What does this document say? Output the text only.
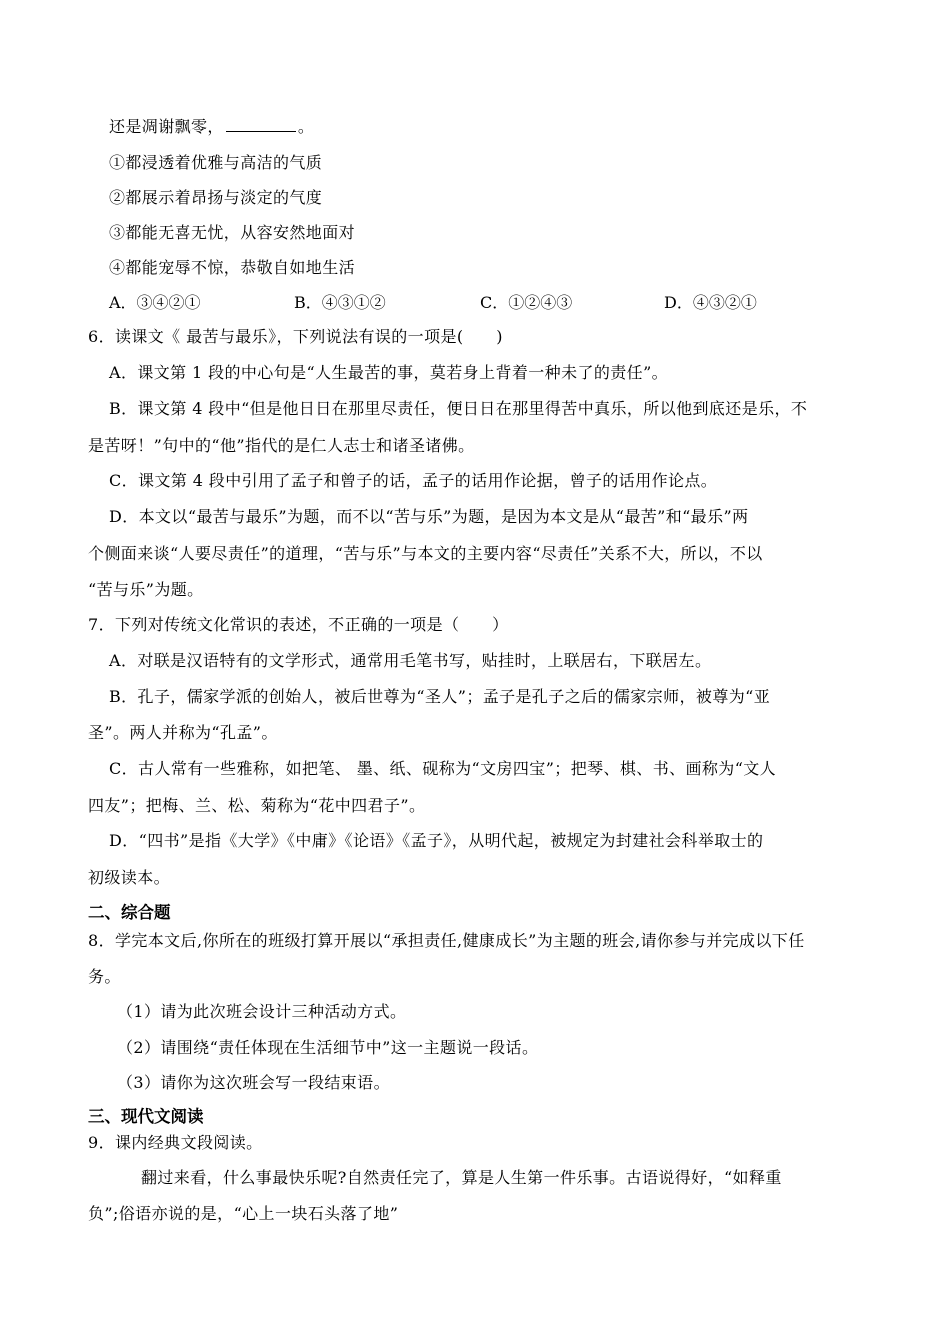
还是凋谢飘零，	。
①都浸透着优雅与高洁的气质
②都展示着昂扬与淡定的气度
③都能无喜无忧，从容安然地面对
④都能宠辱不惊，恭敬自如地生活
A．③④②①	B．④③①②	C．①②④③	D．④③②①
6．读课文《 最苦与最乐》，下列说法有误的一项是(　　)
A．课文第 1 段的中心句是“人生最苦的事，莫若身上背着一种未了的责任”。
B．课文第 4 段中“但是他日日在那里尽责任，便日日在那里得苦中真乐，所以他到底还是乐，不
是苦呀！”句中的“他”指代的是仁人志士和诸圣诸佛。
C．课文第 4 段中引用了孟子和曾子的话，孟子的话用作论据，曾子的话用作论点。
D．本文以“最苦与最乐”为题，而不以“苦与乐”为题，是因为本文是从“最苦”和“最乐”两
个侧面来谈“人要尽责任”的道理，“苦与乐”与本文的主要内容“尽责任”关系不大，所以，不以
“苦与乐”为题。
7．下列对传统文化常识的表述，不正确的一项是（　　）
A．对联是汉语特有的文学形式，通常用毛笔书写，贴挂时，上联居右，下联居左。
B．孔子，儒家学派的创始人，被后世尊为“圣人”；孟子是孔子之后的儒家宗师，被尊为“亚
圣”。两人并称为“孔孟”。
C．古人常有一些雅称，如把笔、 墨、纸、砚称为“文房四宝”；把琴、棋、书、画称为“文人
四友”；把梅、兰、松、菊称为“花中四君子”。
D．“四书”是指《大学》《中庸》《论语》《孟子》，从明代起，被规定为封建社会科举取士的
初级读本。
二、综合题
8．学完本文后,你所在的班级打算开展以“承担责任,健康成长”为主题的班会,请你参与并完成以下任
务。
（1）请为此次班会设计三种活动方式。
（2）请围绕“责任体现在生活细节中”这一主题说一段话。
（3）请你为这次班会写一段结束语。
三、现代文阅读
9．课内经典文段阅读。
翻过来看，什么事最快乐呢?自然责任完了，算是人生第一件乐事。古语说得好，“如释重
负”;俗语亦说的是，“心上一块石头落了地”
